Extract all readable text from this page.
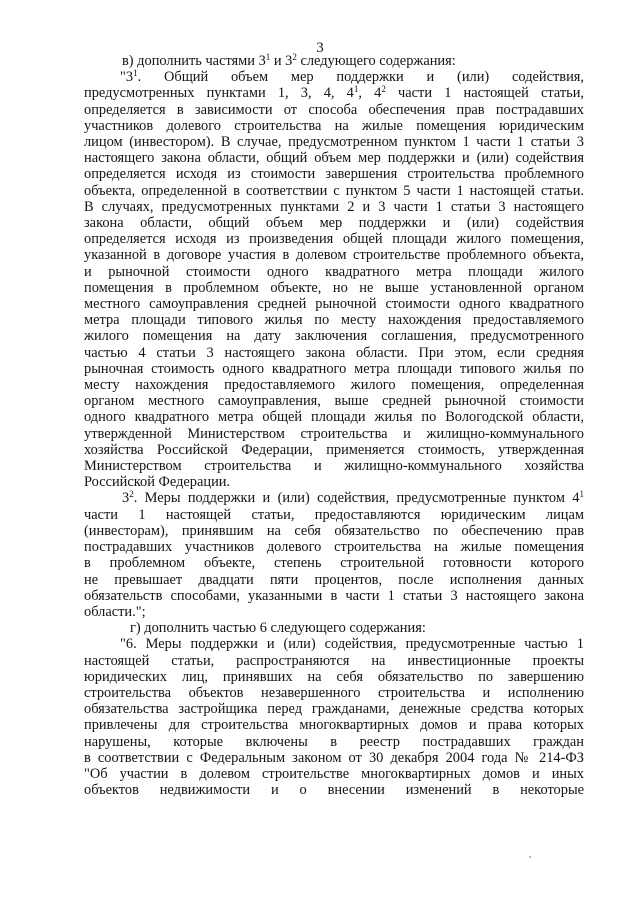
3
в) дополнить частями $3^1$ и $3^2$ следующего содержания:
"$3^1$. Общий объем мер поддержки и (или) содействия,
предусмотренных пунктами 1, 3, 4, $4^1$, $4^2$ части 1 настоящей статьи,
определяется в зависимости от способа обеспечения прав пострадавших
участников долевого строительства на жилые помещения юридическим
лицом (инвестором). В случае, предусмотренном пунктом 1 части 1 статьи 3
настоящего закона области, общий объем мер поддержки и (или) содействия
определяется исходя из стоимости завершения строительства проблемного
объекта, определенной в соответствии с пунктом 5 части 1 настоящей статьи.
В случаях, предусмотренных пунктами 2 и 3 части 1 статьи 3 настоящего
закона области, общий объем мер поддержки и (или) содействия
определяется исходя из произведения общей площади жилого помещения,
указанной в договоре участия в долевом строительстве проблемного объекта,
и рыночной стоимости одного квадратного метра площади жилого
помещения в проблемном объекте, но не выше установленной органом
местного самоуправления средней рыночной стоимости одного квадратного
метра площади типового жилья по месту нахождения предоставляемого
жилого помещения на дату заключения соглашения, предусмотренного
частью 4 статьи 3 настоящего закона области. При этом, если средняя
рыночная стоимость одного квадратного метра площади типового жилья по
месту нахождения предоставляемого жилого помещения, определенная
органом местного самоуправления, выше средней рыночной стоимости
одного квадратного метра общей площади жилья по Вологодской области,
утвержденной Министерством строительства и жилищно-коммунального
хозяйства Российской Федерации, применяется стоимость, утвержденная
Министерством строительства и жилищно-коммунального хозяйства
Российской Федерации.
$3^2$. Меры поддержки и (или) содействия, предусмотренные пунктом $4^1$
части 1 настоящей статьи, предоставляются юридическим лицам
(инвесторам), принявшим на себя обязательство по обеспечению прав
пострадавших участников долевого строительства на жилые помещения
в проблемном объекте, степень строительной готовности которого
не превышает двадцати пяти процентов, после исполнения данных
обязательств способами, указанными в части 1 статьи 3 настоящего закона
области.";
г) дополнить частью 6 следующего содержания:
"6. Меры поддержки и (или) содействия, предусмотренные частью 1
настоящей статьи, распространяются на инвестиционные проекты
юридических лиц, принявших на себя обязательство по завершению
строительства объектов незавершенного строительства и исполнению
обязательства застройщика перед гражданами, денежные средства которых
привлечены для строительства многоквартирных домов и права которых
нарушены, которые включены в реестр пострадавших граждан
в соответствии с Федеральным законом от 30 декабря 2004 года № 214-ФЗ
"Об участии в долевом строительстве многоквартирных домов и иных
объектов недвижимости и о внесении изменений в некоторые
